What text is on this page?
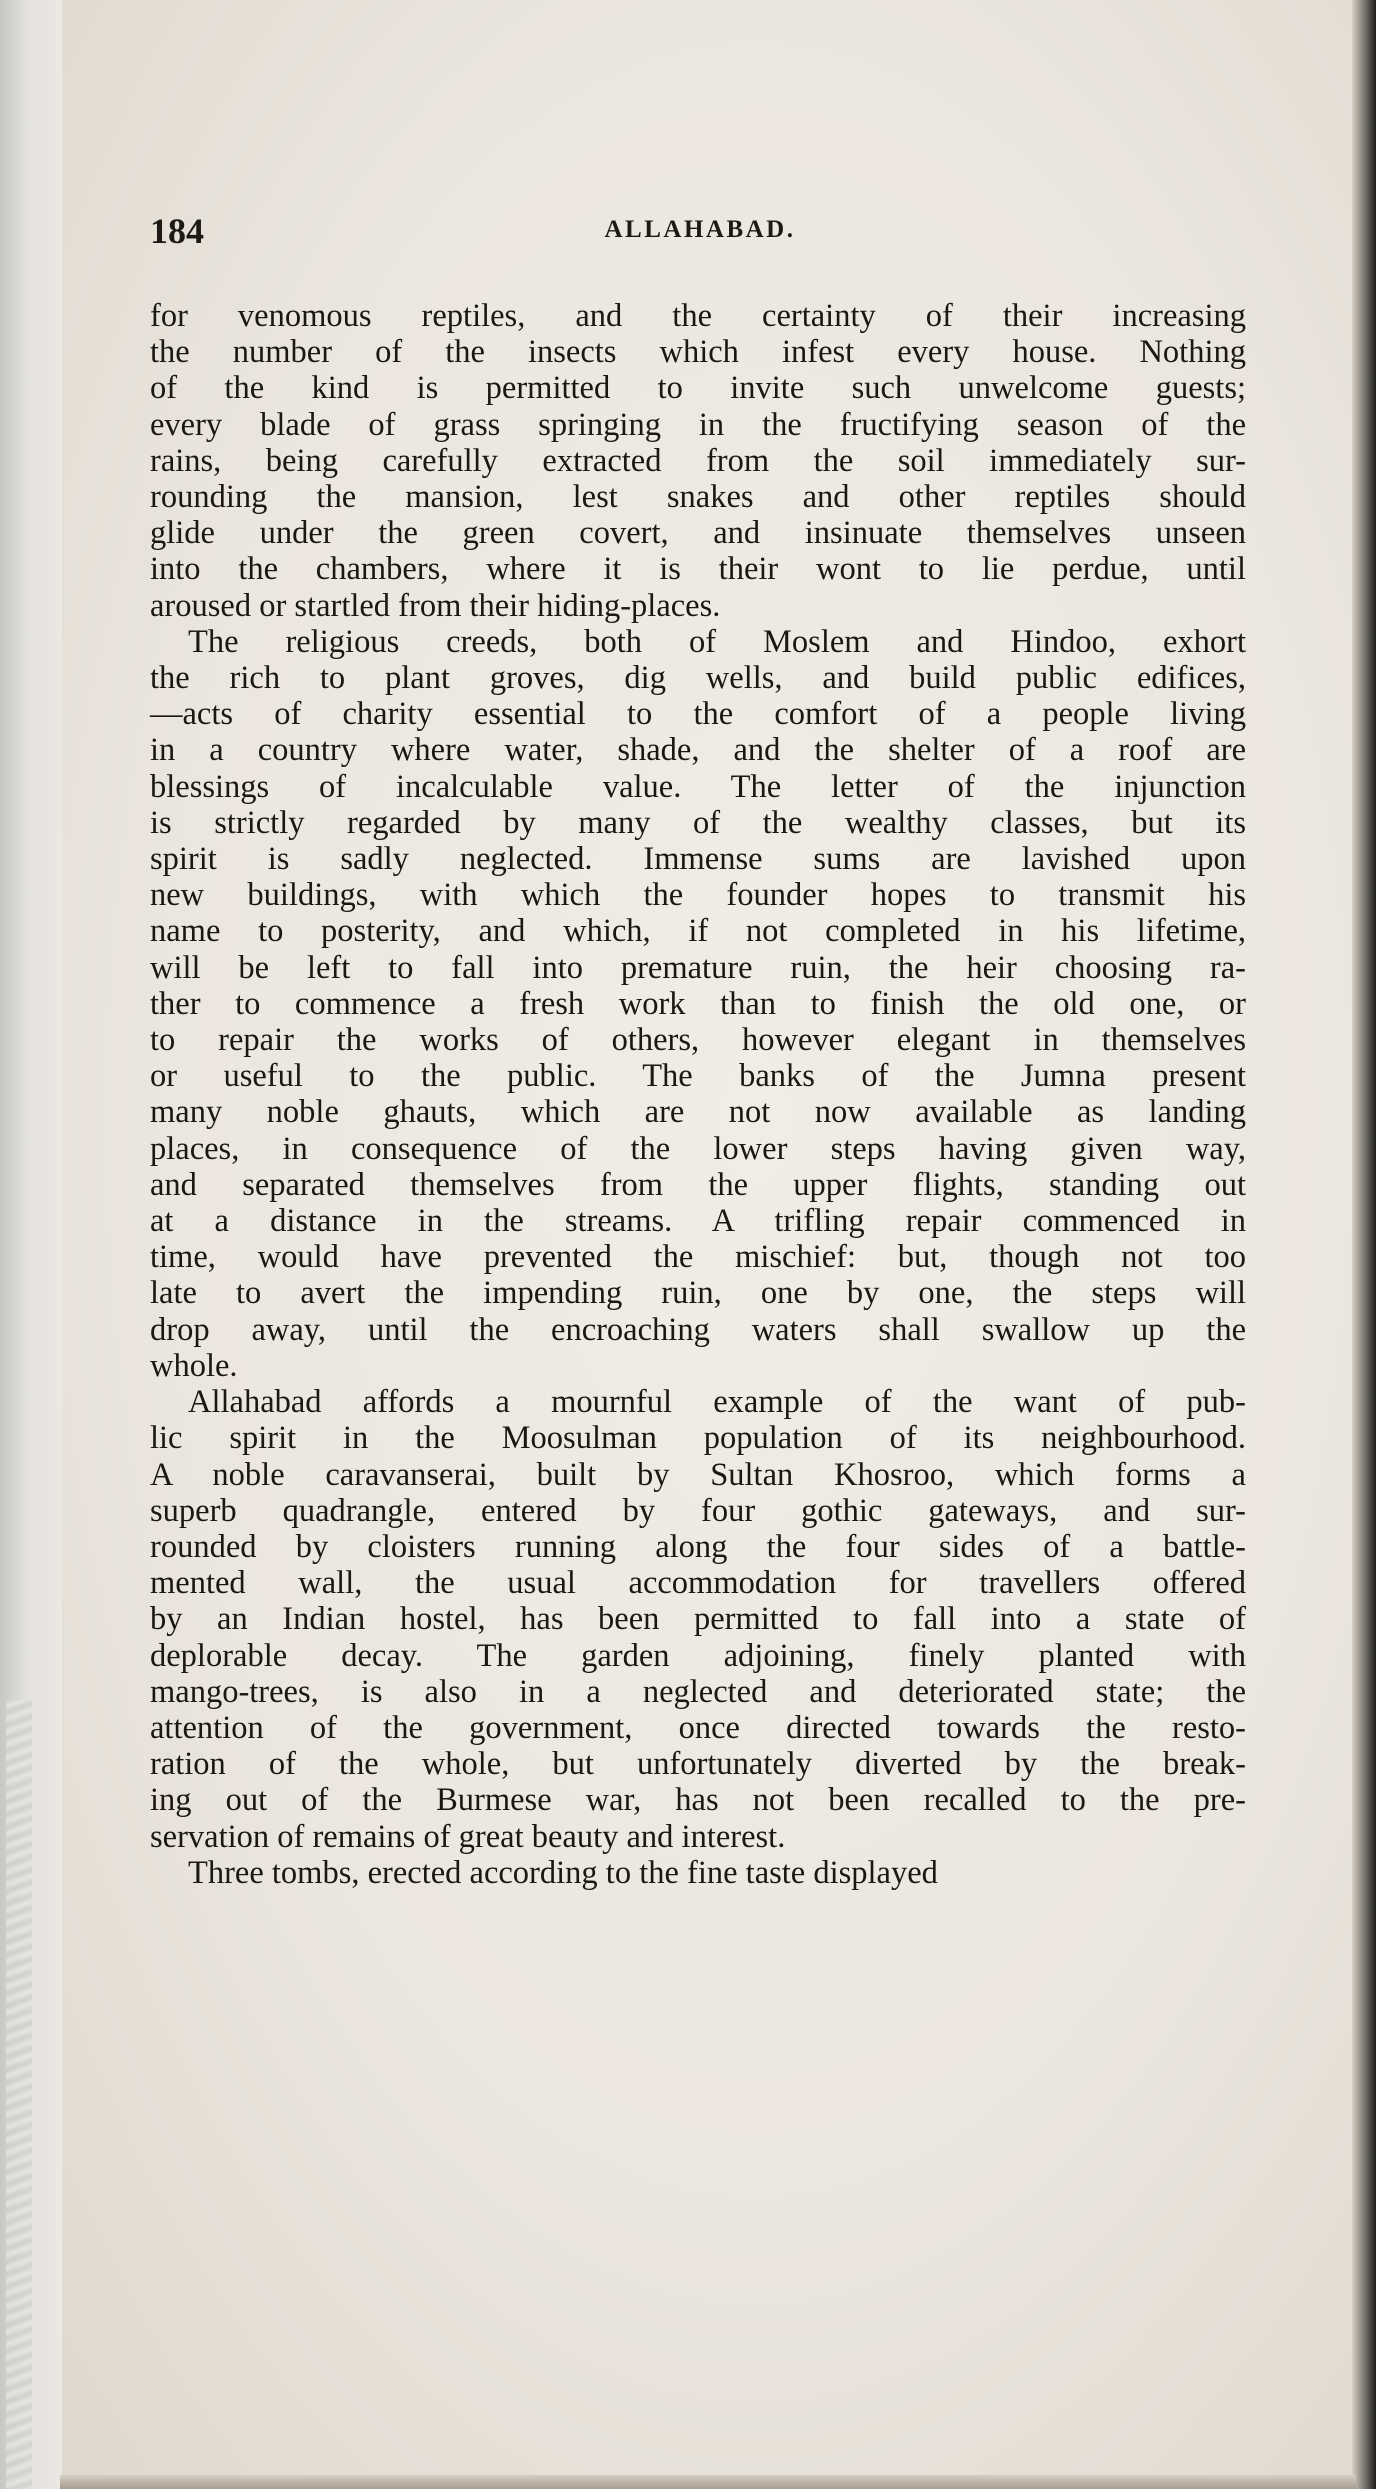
184	ALLAHABAD.

for venomous reptiles, and the certainty of their increasing
the number of the insects which infest every house. Nothing
of the kind is permitted to invite such unwelcome guests;
every blade of grass springing in the fructifying season of the
rains, being carefully extracted from the soil immediately sur-
rounding the mansion, lest snakes and other reptiles should
glide under the green covert, and insinuate themselves unseen
into the chambers, where it is their wont to lie perdue, until
aroused or startled from their hiding-places.

The religious creeds, both of Moslem and Hindoo, exhort
the rich to plant groves, dig wells, and build public edifices,
—acts of charity essential to the comfort of a people living
in a country where water, shade, and the shelter of a roof are
blessings of incalculable value. The letter of the injunction
is strictly regarded by many of the wealthy classes, but its
spirit is sadly neglected. Immense sums are lavished upon
new buildings, with which the founder hopes to transmit his
name to posterity, and which, if not completed in his lifetime,
will be left to fall into premature ruin, the heir choosing ra-
ther to commence a fresh work than to finish the old one, or
to repair the works of others, however elegant in themselves
or useful to the public. The banks of the Jumna present
many noble ghauts, which are not now available as landing
places, in consequence of the lower steps having given way,
and separated themselves from the upper flights, standing out
at a distance in the streams. A trifling repair commenced in
time, would have prevented the mischief: but, though not too
late to avert the impending ruin, one by one, the steps will
drop away, until the encroaching waters shall swallow up the
whole.

Allahabad affords a mournful example of the want of pub-
lic spirit in the Moosulman population of its neighbourhood.
A noble caravanserai, built by Sultan Khosroo, which forms a
superb quadrangle, entered by four gothic gateways, and sur-
rounded by cloisters running along the four sides of a battle-
mented wall, the usual accommodation for travellers offered
by an Indian hostel, has been permitted to fall into a state of
deplorable decay. The garden adjoining, finely planted with
mango-trees, is also in a neglected and deteriorated state; the
attention of the government, once directed towards the resto-
ration of the whole, but unfortunately diverted by the break-
ing out of the Burmese war, has not been recalled to the pre-
servation of remains of great beauty and interest.

Three tombs, erected according to the fine taste displayed
